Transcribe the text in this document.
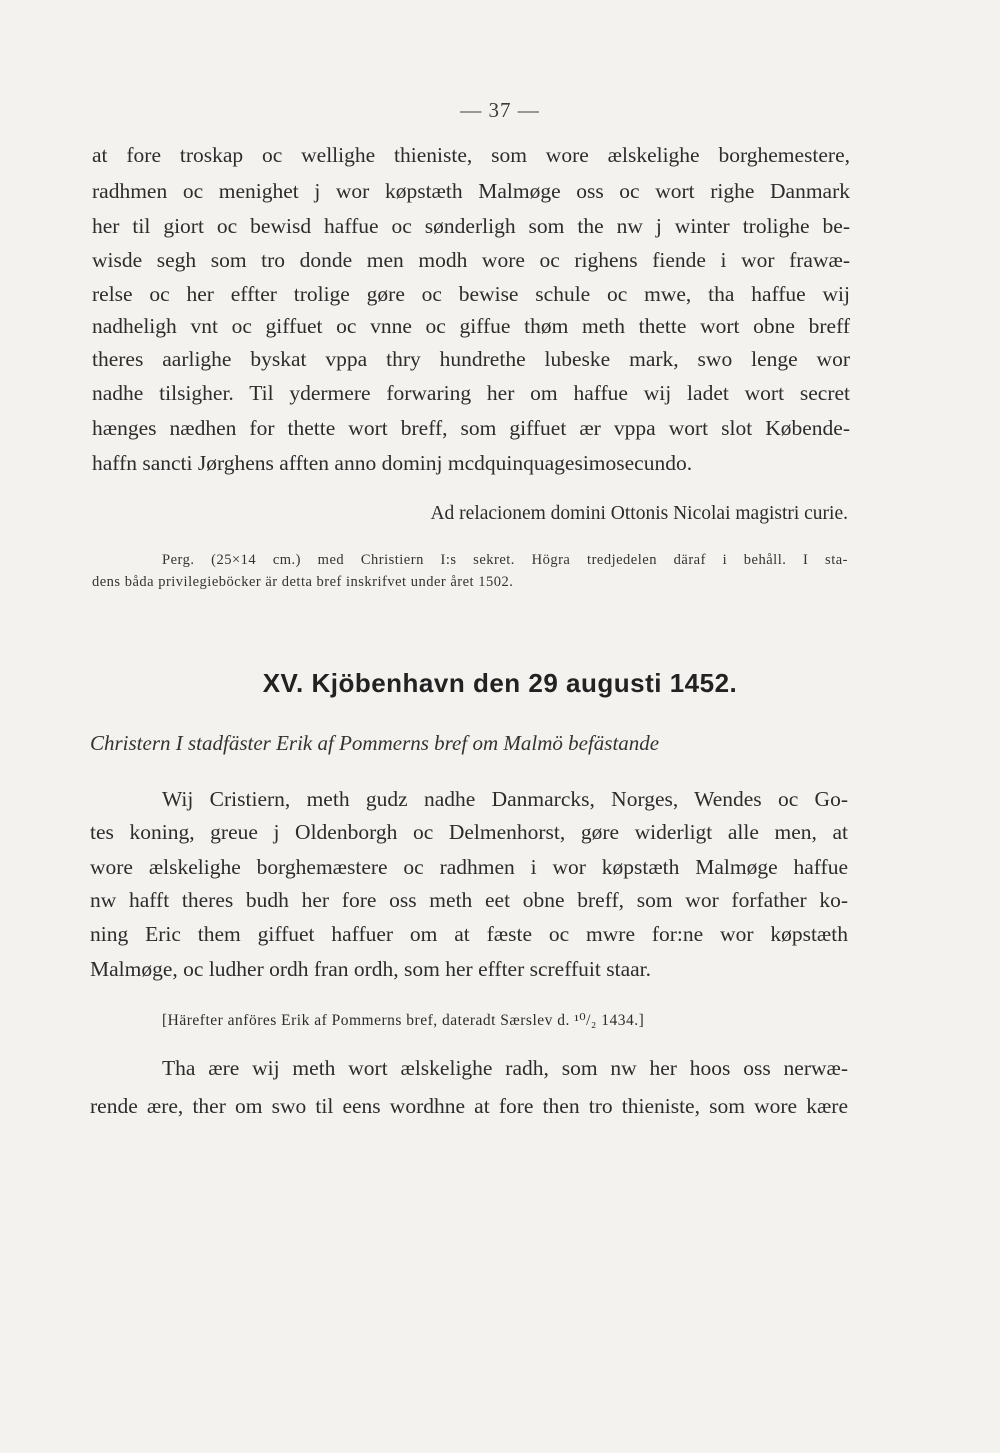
— 37 —
at fore troskap oc wellighe thieniste, som wore ælskelighe borghemestere,
radhmen oc menighet j wor køpstæth Malmøge oss oc wort righe Danmark
her til giort oc bewisd haffue oc sønderligh som the nw j winter trolighe be-
wisde segh som tro donde men modh wore oc righens fiende i wor frawæ-
relse oc her effter trolige gøre oc bewise schule oc mwe, tha haffue wij
nadheligh vnt oc giffuet oc vnne oc giffue thøm meth thette wort obne breff
theres aarlighe byskat vppa thry hundrethe lubeske mark, swo lenge wor
nadhe tilsigher. Til ydermere forwaring her om haffue wij ladet wort secret
hænges nædhen for thette wort breff, som giffuet ær vppa wort slot Købende-
haffn sancti Jørghens afften anno dominj mcdquinquagesimosecundo.
Ad relacionem domini Ottonis Nicolai magistri curie.
Perg. (25×14 cm.) med Christiern I:s sekret. Högra tredjedelen däraf i behåll. I sta-
dens båda privilegieböcker är detta bref inskrifvet under året 1502.
XV. Kjöbenhavn den 29 augusti 1452.
Christern I stadfäster Erik af Pommerns bref om Malmö befästande
Wij Cristiern, meth gudz nadhe Danmarcks, Norges, Wendes oc Go-
tes koning, greue j Oldenborgh oc Delmenhorst, gøre widerligt alle men, at
wore ælskelighe borghemæstere oc radhmen i wor køpstæth Malmøge haffue
nw hafft theres budh her fore oss meth eet obne breff, som wor forfather ko-
ning Eric them giffuet haffuer om at fæste oc mwre for:ne wor køpstæth
Malmøge, oc ludher ordh fran ordh, som her effter screffuit staar.
[Härefter anföres Erik af Pommerns bref, dateradt Særslev d. ¹⁰/₂ 1434.]
Tha ære wij meth wort ælskelighe radh, som nw her hoos oss nerwæ-
rende ære, ther om swo til eens wordhne at fore then tro thieniste, som wore kære
